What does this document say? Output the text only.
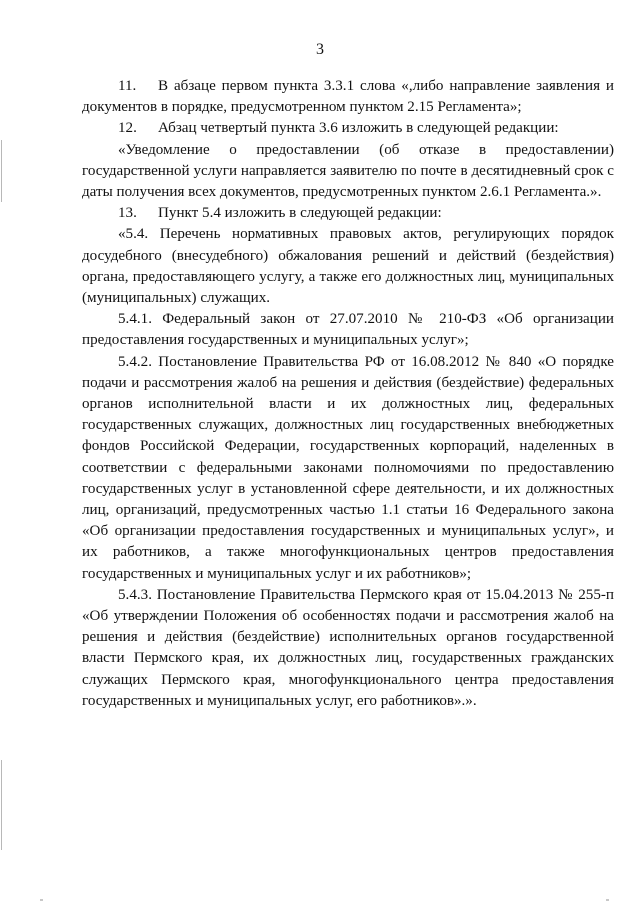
3

11. В абзаце первом пункта 3.3.1 слова «,либо направление заявления и документов в порядке, предусмотренном пунктом 2.15 Регламента»;

12. Абзац четвертый пункта 3.6 изложить в следующей редакции:

«Уведомление о предоставлении (об отказе в предоставлении) государственной услуги направляется заявителю по почте в десятидневный срок с даты получения всех документов, предусмотренных пунктом 2.6.1 Регламента.».

13. Пункт 5.4 изложить в следующей редакции:

«5.4. Перечень нормативных правовых актов, регулирующих порядок досудебного (внесудебного) обжалования решений и действий (бездействия) органа, предоставляющего услугу, а также его должностных лиц, муниципальных (муниципальных) служащих.

5.4.1. Федеральный закон от 27.07.2010 № 210-ФЗ «Об организации предоставления государственных и муниципальных услуг»;

5.4.2. Постановление Правительства РФ от 16.08.2012 № 840 «О порядке подачи и рассмотрения жалоб на решения и действия (бездействие) федеральных органов исполнительной власти и их должностных лиц, федеральных государственных служащих, должностных лиц государственных внебюджетных фондов Российской Федерации, государственных корпораций, наделенных в соответствии с федеральными законами полномочиями по предоставлению государственных услуг в установленной сфере деятельности, и их должностных лиц, организаций, предусмотренных частью 1.1 статьи 16 Федерального закона «Об организации предоставления государственных и муниципальных услуг», и их работников, а также многофункциональных центров предоставления государственных и муниципальных услуг и их работников»;

5.4.3. Постановление Правительства Пермского края от 15.04.2013 № 255-п «Об утверждении Положения об особенностях подачи и рассмотрения жалоб на решения и действия (бездействие) исполнительных органов государственной власти Пермского края, их должностных лиц, государственных гражданских служащих Пермского края, многофункционального центра предоставления государственных и муниципальных услуг, его работников».».
